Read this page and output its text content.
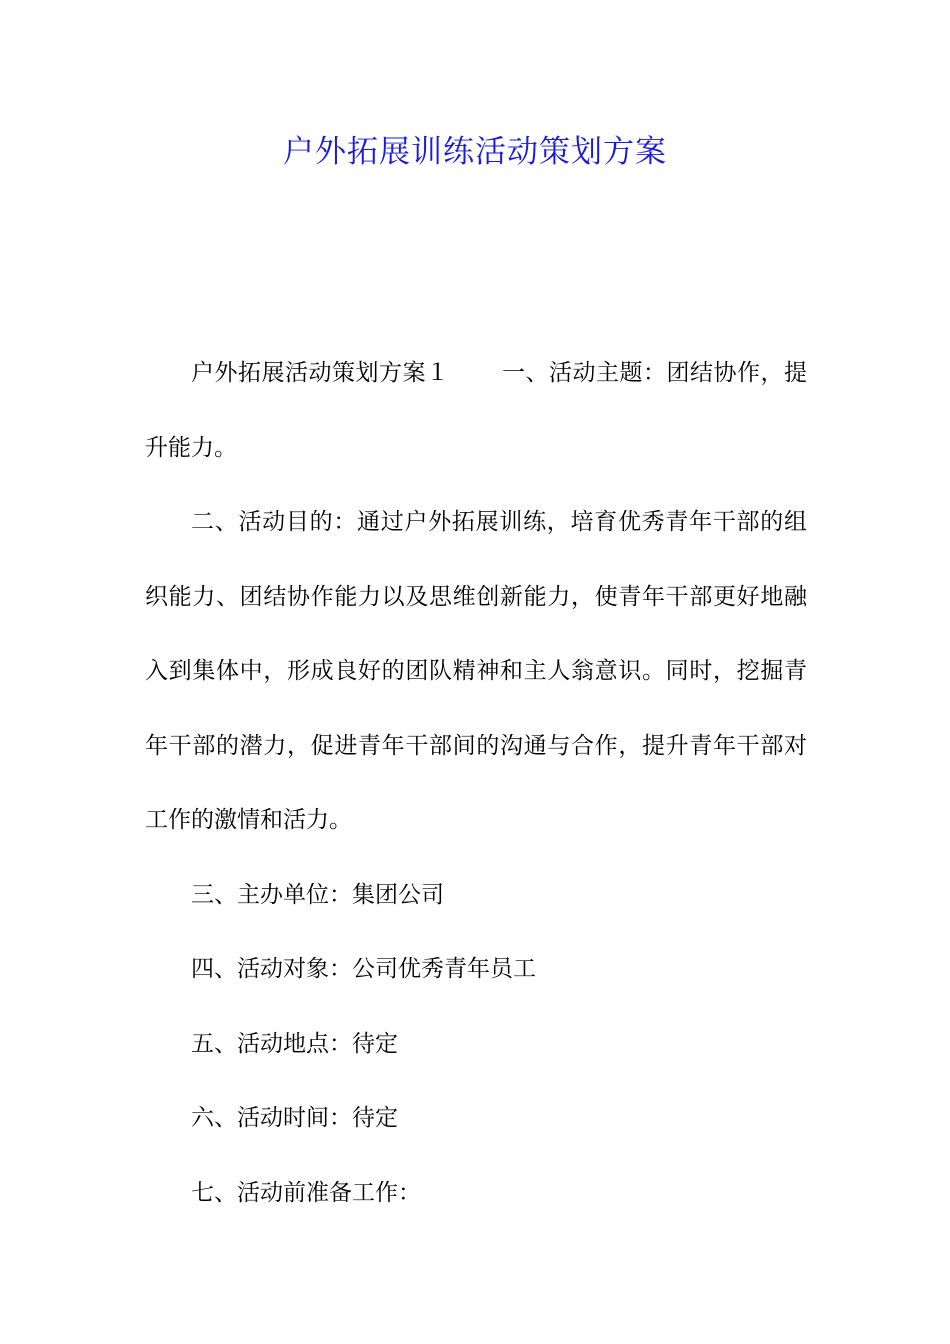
户外拓展训练活动策划方案

户外拓展活动策划方案１ 一、活动主题：团结协作，提升能力。

二、活动目的：通过户外拓展训练，培育优秀青年干部的组织能力、团结协作能力以及思维创新能力，使青年干部更好地融入到集体中，形成良好的团队精神和主人翁意识。同时，挖掘青年干部的潜力，促进青年干部间的沟通与合作，提升青年干部对工作的激情和活力。

三、主办单位：集团公司

四、活动对象：公司优秀青年员工

五、活动地点：待定

六、活动时间：待定

七、活动前准备工作：
